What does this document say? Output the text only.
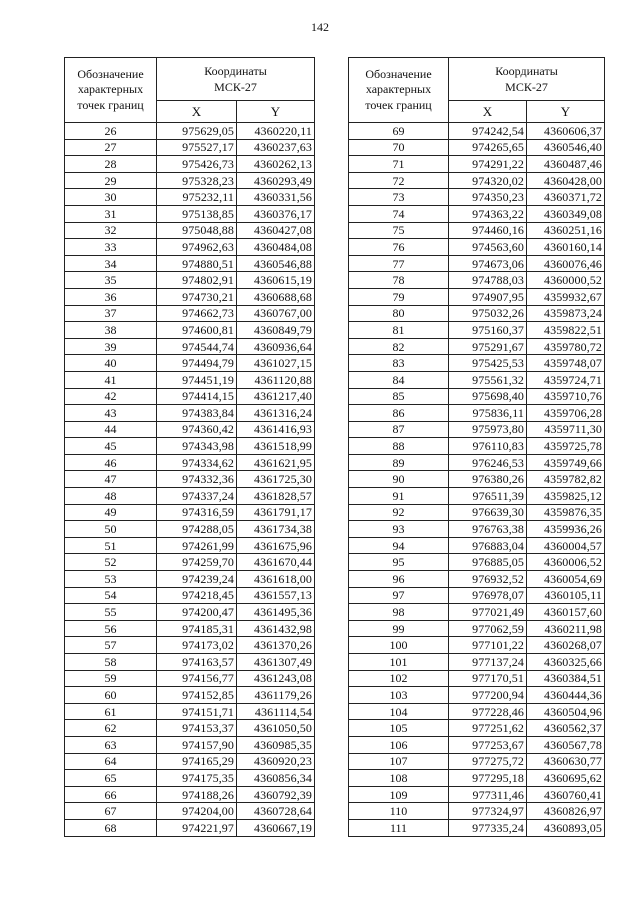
142
Обозначение
характерных
точек границ	Координаты
МСК-27	
	X	Y
26	975629,05	4360220,11
27	975527,17	4360237,63
28	975426,73	4360262,13
29	975328,23	4360293,49
30	975232,11	4360331,56
31	975138,85	4360376,17
32	975048,88	4360427,08
33	974962,63	4360484,08
34	974880,51	4360546,88
35	974802,91	4360615,19
36	974730,21	4360688,68
37	974662,73	4360767,00
38	974600,81	4360849,79
39	974544,74	4360936,64
40	974494,79	4361027,15
41	974451,19	4361120,88
42	974414,15	4361217,40
43	974383,84	4361316,24
44	974360,42	4361416,93
45	974343,98	4361518,99
46	974334,62	4361621,95
47	974332,36	4361725,30
48	974337,24	4361828,57
49	974316,59	4361791,17
50	974288,05	4361734,38
51	974261,99	4361675,96
52	974259,70	4361670,44
53	974239,24	4361618,00
54	974218,45	4361557,13
55	974200,47	4361495,36
56	974185,31	4361432,98
57	974173,02	4361370,26
58	974163,57	4361307,49
59	974156,77	4361243,08
60	974152,85	4361179,26
61	974151,71	4361114,54
62	974153,37	4361050,50
63	974157,90	4360985,35
64	974165,29	4360920,23
65	974175,35	4360856,34
66	974188,26	4360792,39
67	974204,00	4360728,64
68	974221,97	4360667,19
Обозначение
характерных
точек границ	Координаты
МСК-27	
	X	Y
69	974242,54	4360606,37
70	974265,65	4360546,40
71	974291,22	4360487,46
72	974320,02	4360428,00
73	974350,23	4360371,72
74	974363,22	4360349,08
75	974460,16	4360251,16
76	974563,60	4360160,14
77	974673,06	4360076,46
78	974788,03	4360000,52
79	974907,95	4359932,67
80	975032,26	4359873,24
81	975160,37	4359822,51
82	975291,67	4359780,72
83	975425,53	4359748,07
84	975561,32	4359724,71
85	975698,40	4359710,76
86	975836,11	4359706,28
87	975973,80	4359711,30
88	976110,83	4359725,78
89	976246,53	4359749,66
90	976380,26	4359782,82
91	976511,39	4359825,12
92	976639,30	4359876,35
93	976763,38	4359936,26
94	976883,04	4360004,57
95	976885,05	4360006,52
96	976932,52	4360054,69
97	976978,07	4360105,11
98	977021,49	4360157,60
99	977062,59	4360211,98
100	977101,22	4360268,07
101	977137,24	4360325,66
102	977170,51	4360384,51
103	977200,94	4360444,36
104	977228,46	4360504,96
105	977251,62	4360562,37
106	977253,67	4360567,78
107	977275,72	4360630,77
108	977295,18	4360695,62
109	977311,46	4360760,41
110	977324,97	4360826,97
111	977335,24	4360893,05
